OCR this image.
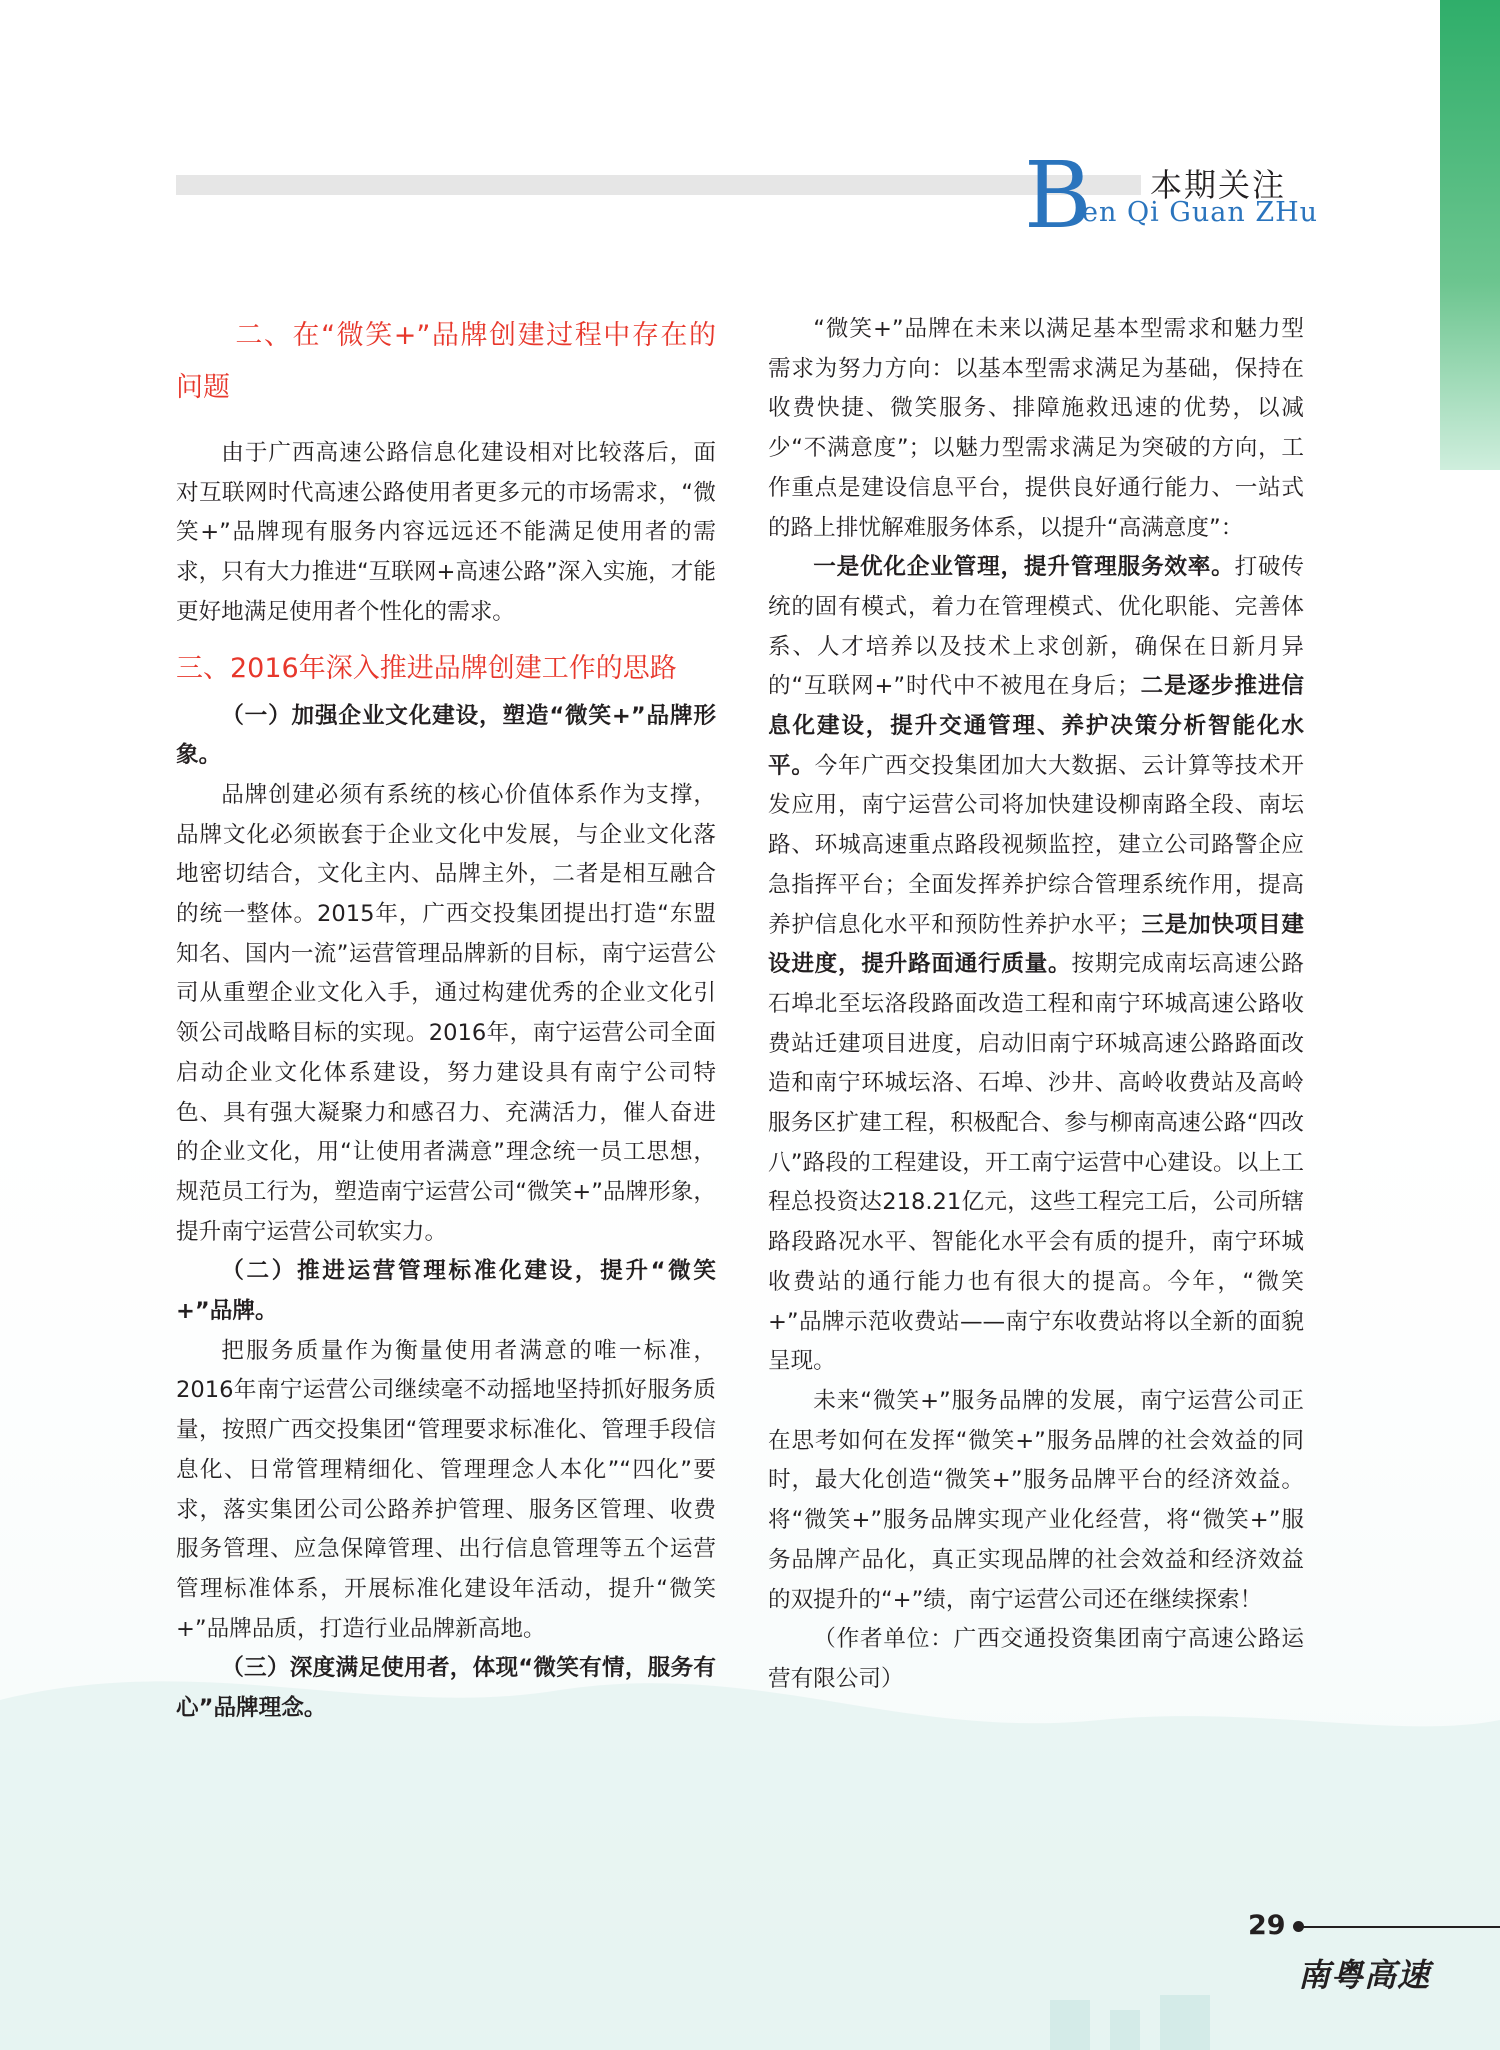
B 本期关注
en Qi Guan ZHu

二、在“微笑+”品牌创建过程中存在的问题

由于广西高速公路信息化建设相对比较落后，面对互联网时代高速公路使用者更多元的市场需求，“微笑+”品牌现有服务内容远远还不能满足使用者的需求，只有大力推进“互联网+高速公路”深入实施，才能更好地满足使用者个性化的需求。

三、2016年深入推进品牌创建工作的思路

（一）加强企业文化建设，塑造“微笑+”品牌形象。

品牌创建必须有系统的核心价值体系作为支撑，品牌文化必须嵌套于企业文化中发展，与企业文化落地密切结合，文化主内、品牌主外，二者是相互融合的统一整体。2015年，广西交投集团提出打造“东盟知名、国内一流”运营管理品牌新的目标，南宁运营公司从重塑企业文化入手，通过构建优秀的企业文化引领公司战略目标的实现。2016年，南宁运营公司全面启动企业文化体系建设，努力建设具有南宁公司特色、具有强大凝聚力和感召力、充满活力，催人奋进的企业文化，用“让使用者满意”理念统一员工思想，规范员工行为，塑造南宁运营公司“微笑+”品牌形象，提升南宁运营公司软实力。

（二）推进运营管理标准化建设，提升“微笑+”品牌。

把服务质量作为衡量使用者满意的唯一标准，2016年南宁运营公司继续毫不动摇地坚持抓好服务质量，按照广西交投集团“管理要求标准化、管理手段信息化、日常管理精细化、管理理念人本化”“四化”要求，落实集团公司公路养护管理、服务区管理、收费服务管理、应急保障管理、出行信息管理等五个运营管理标准体系，开展标准化建设年活动，提升“微笑+”品牌品质，打造行业品牌新高地。

（三）深度满足使用者，体现“微笑有情，服务有心”品牌理念。

“微笑+”品牌在未来以满足基本型需求和魅力型需求为努力方向：以基本型需求满足为基础，保持在收费快捷、微笑服务、排障施救迅速的优势，以减少“不满意度”；以魅力型需求满足为突破的方向，工作重点是建设信息平台，提供良好通行能力、一站式的路上排忧解难服务体系，以提升“高满意度”：

一是优化企业管理，提升管理服务效率。打破传统的固有模式，着力在管理模式、优化职能、完善体系、人才培养以及技术上求创新，确保在日新月异的“互联网+”时代中不被甩在身后；二是逐步推进信息化建设，提升交通管理、养护决策分析智能化水平。今年广西交投集团加大大数据、云计算等技术开发应用，南宁运营公司将加快建设柳南路全段、南坛路、环城高速重点路段视频监控，建立公司路警企应急指挥平台；全面发挥养护综合管理系统作用，提高养护信息化水平和预防性养护水平；三是加快项目建设进度，提升路面通行质量。按期完成南坛高速公路石埠北至坛洛段路面改造工程和南宁环城高速公路收费站迁建项目进度，启动旧南宁环城高速公路路面改造和南宁环城坛洛、石埠、沙井、高岭收费站及高岭服务区扩建工程，积极配合、参与柳南高速公路“四改八”路段的工程建设，开工南宁运营中心建设。以上工程总投资达218.21亿元，这些工程完工后，公司所辖路段路况水平、智能化水平会有质的提升，南宁环城收费站的通行能力也有很大的提高。今年，“微笑+”品牌示范收费站——南宁东收费站将以全新的面貌呈现。

未来“微笑+”服务品牌的发展，南宁运营公司正在思考如何在发挥“微笑+”服务品牌的社会效益的同时，最大化创造“微笑+”服务品牌平台的经济效益。将“微笑+”服务品牌实现产业化经营，将“微笑+”服务品牌产品化，真正实现品牌的社会效益和经济效益的双提升的“+”绩，南宁运营公司还在继续探索！

（作者单位：广西交通投资集团南宁高速公路运营有限公司）

29
南粤高速
